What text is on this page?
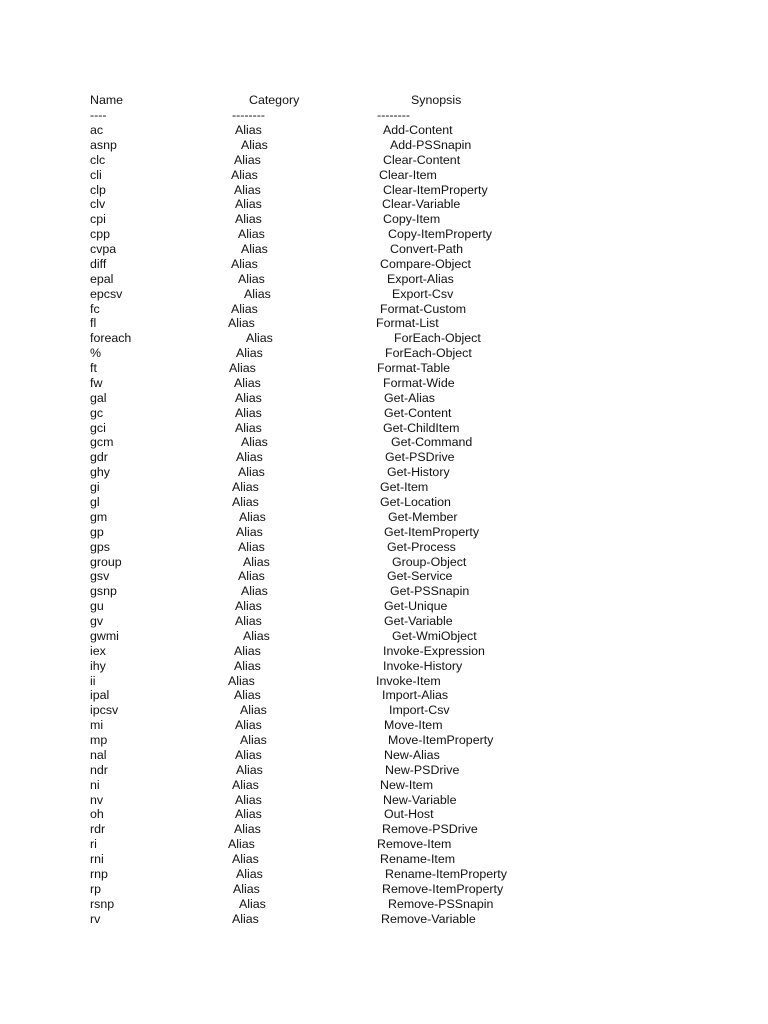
Name	Category	Synopsis
----	--------	--------
ac	Alias	Add-Content
asnp	Alias	Add-PSSnapin
clc	Alias	Clear-Content
cli	Alias	Clear-Item
clp	Alias	Clear-ItemProperty
clv	Alias	Clear-Variable
cpi	Alias	Copy-Item
cpp	Alias	Copy-ItemProperty
cvpa	Alias	Convert-Path
diff	Alias	Compare-Object
epal	Alias	Export-Alias
epcsv	Alias	Export-Csv
fc	Alias	Format-Custom
fl	Alias	Format-List
foreach	Alias	ForEach-Object
%	Alias	ForEach-Object
ft	Alias	Format-Table
fw	Alias	Format-Wide
gal	Alias	Get-Alias
gc	Alias	Get-Content
gci	Alias	Get-ChildItem
gcm	Alias	Get-Command
gdr	Alias	Get-PSDrive
ghy	Alias	Get-History
gi	Alias	Get-Item
gl	Alias	Get-Location
gm	Alias	Get-Member
gp	Alias	Get-ItemProperty
gps	Alias	Get-Process
group	Alias	Group-Object
gsv	Alias	Get-Service
gsnp	Alias	Get-PSSnapin
gu	Alias	Get-Unique
gv	Alias	Get-Variable
gwmi	Alias	Get-WmiObject
iex	Alias	Invoke-Expression
ihy	Alias	Invoke-History
ii	Alias	Invoke-Item
ipal	Alias	Import-Alias
ipcsv	Alias	Import-Csv
mi	Alias	Move-Item
mp	Alias	Move-ItemProperty
nal	Alias	New-Alias
ndr	Alias	New-PSDrive
ni	Alias	New-Item
nv	Alias	New-Variable
oh	Alias	Out-Host
rdr	Alias	Remove-PSDrive
ri	Alias	Remove-Item
rni	Alias	Rename-Item
rnp	Alias	Rename-ItemProperty
rp	Alias	Remove-ItemProperty
rsnp	Alias	Remove-PSSnapin
rv	Alias	Remove-Variable
